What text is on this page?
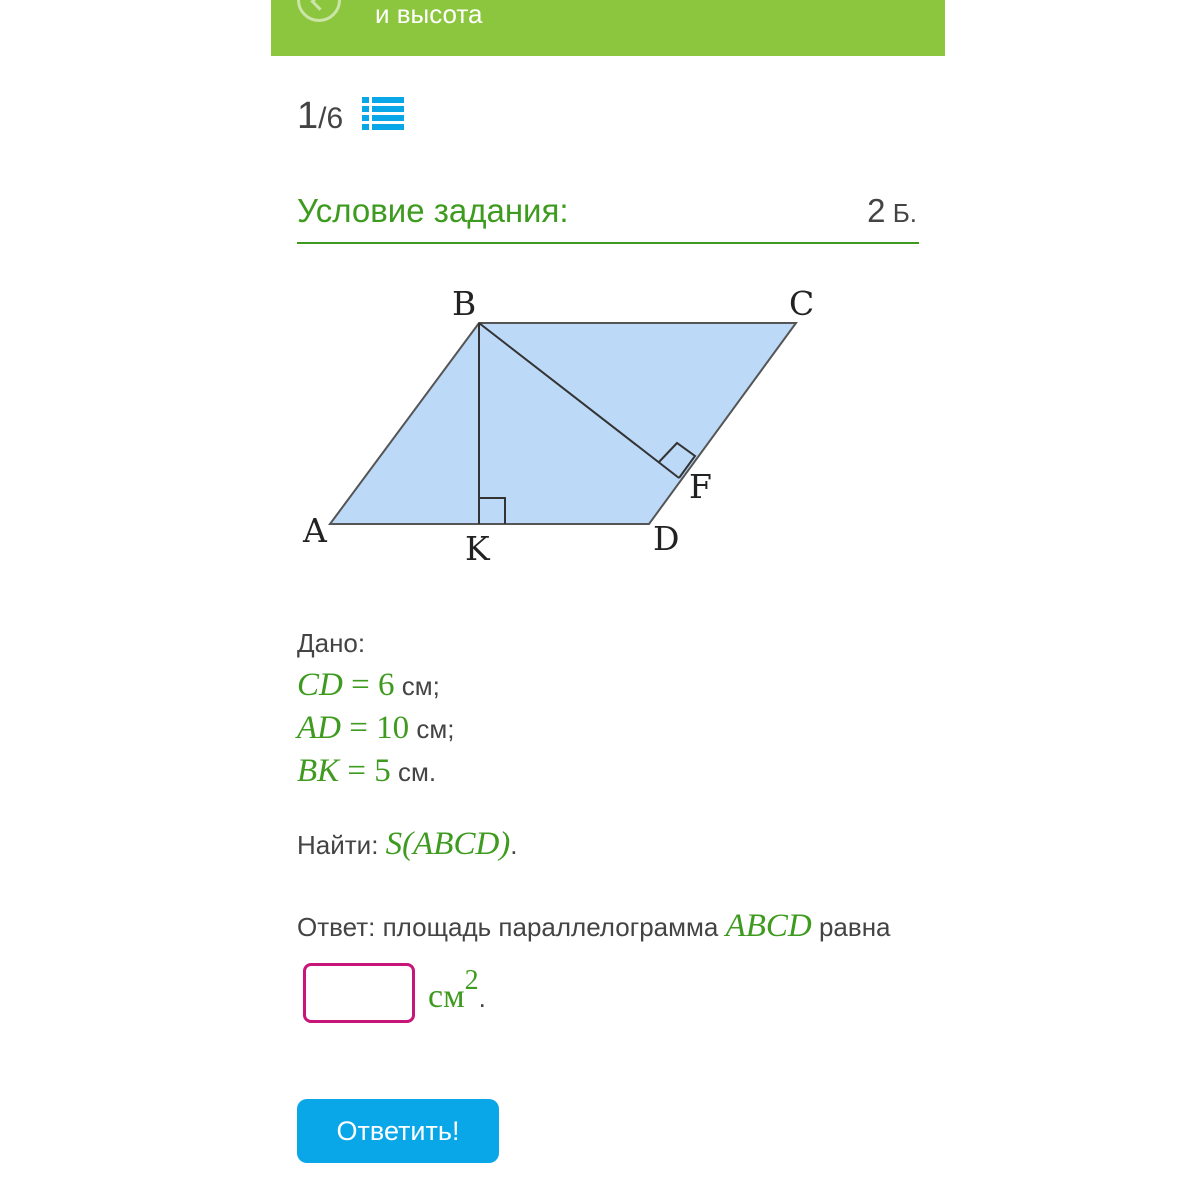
и высота
1/6
Условие задания:	2 Б.
B	C
A	K	D
F
Дано:
CD = 6 см;
AD = 10 см;
BK = 5 см.
Найти: S(ABCD).
Ответ: площадь параллелограмма ABCD равна
$см^2$.
Ответить!
